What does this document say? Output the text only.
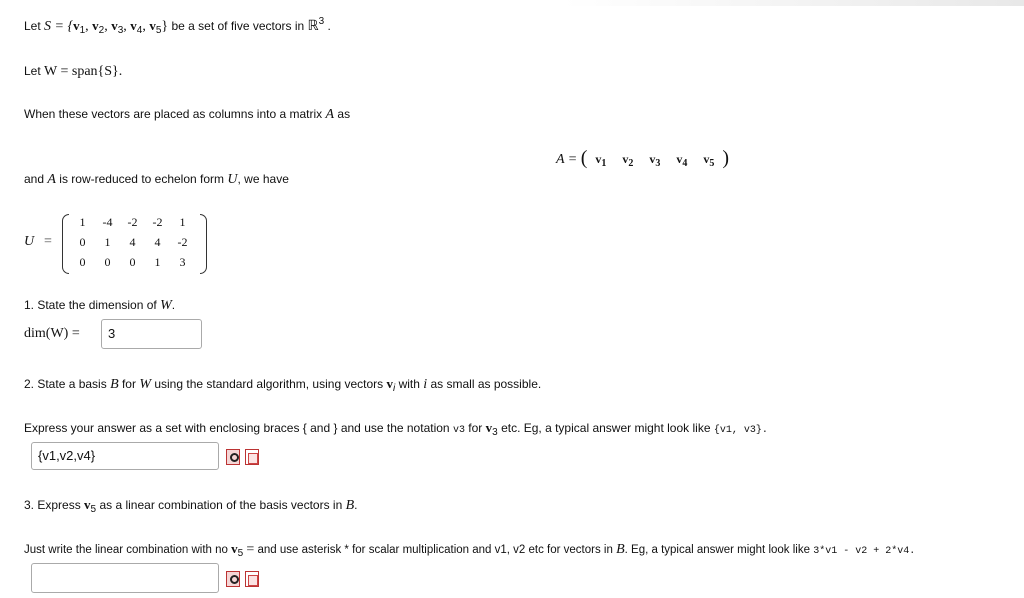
Let $S = \{v_1$, $v_2$, $v_3$, $v_4$, $v_5$} be a set of five vectors in ℝ$^3$ .
Let W = span{S}.
When these vectors are placed as columns into a matrix A as
A = ( $v_1$ $v_2$ $v_3$ $v_4$ $v_5$ )
and A is row-reduced to echelon form U, we have
U =
1	-4	-2	-2	1
0	1	4	4	-2
0	0	0	1	3
1. State the dimension of W.
dim(W) =	3
2. State a basis B for W using the standard algorithm, using vectors $v_i$ with i as small as possible.
Express your answer as a set with enclosing braces { and } and use the notation v3 for $v_3$ etc. Eg, a typical answer might look like {v1, v3}.
{v1,v2,v4}
3. Express $v_5$ as a linear combination of the basis vectors in B.
Just write the linear combination with no v5 = and use asterisk * for scalar multiplication and v1, v2 etc for vectors in B. Eg, a typical answer might look like 3*v1 - v2 + 2*v4.
